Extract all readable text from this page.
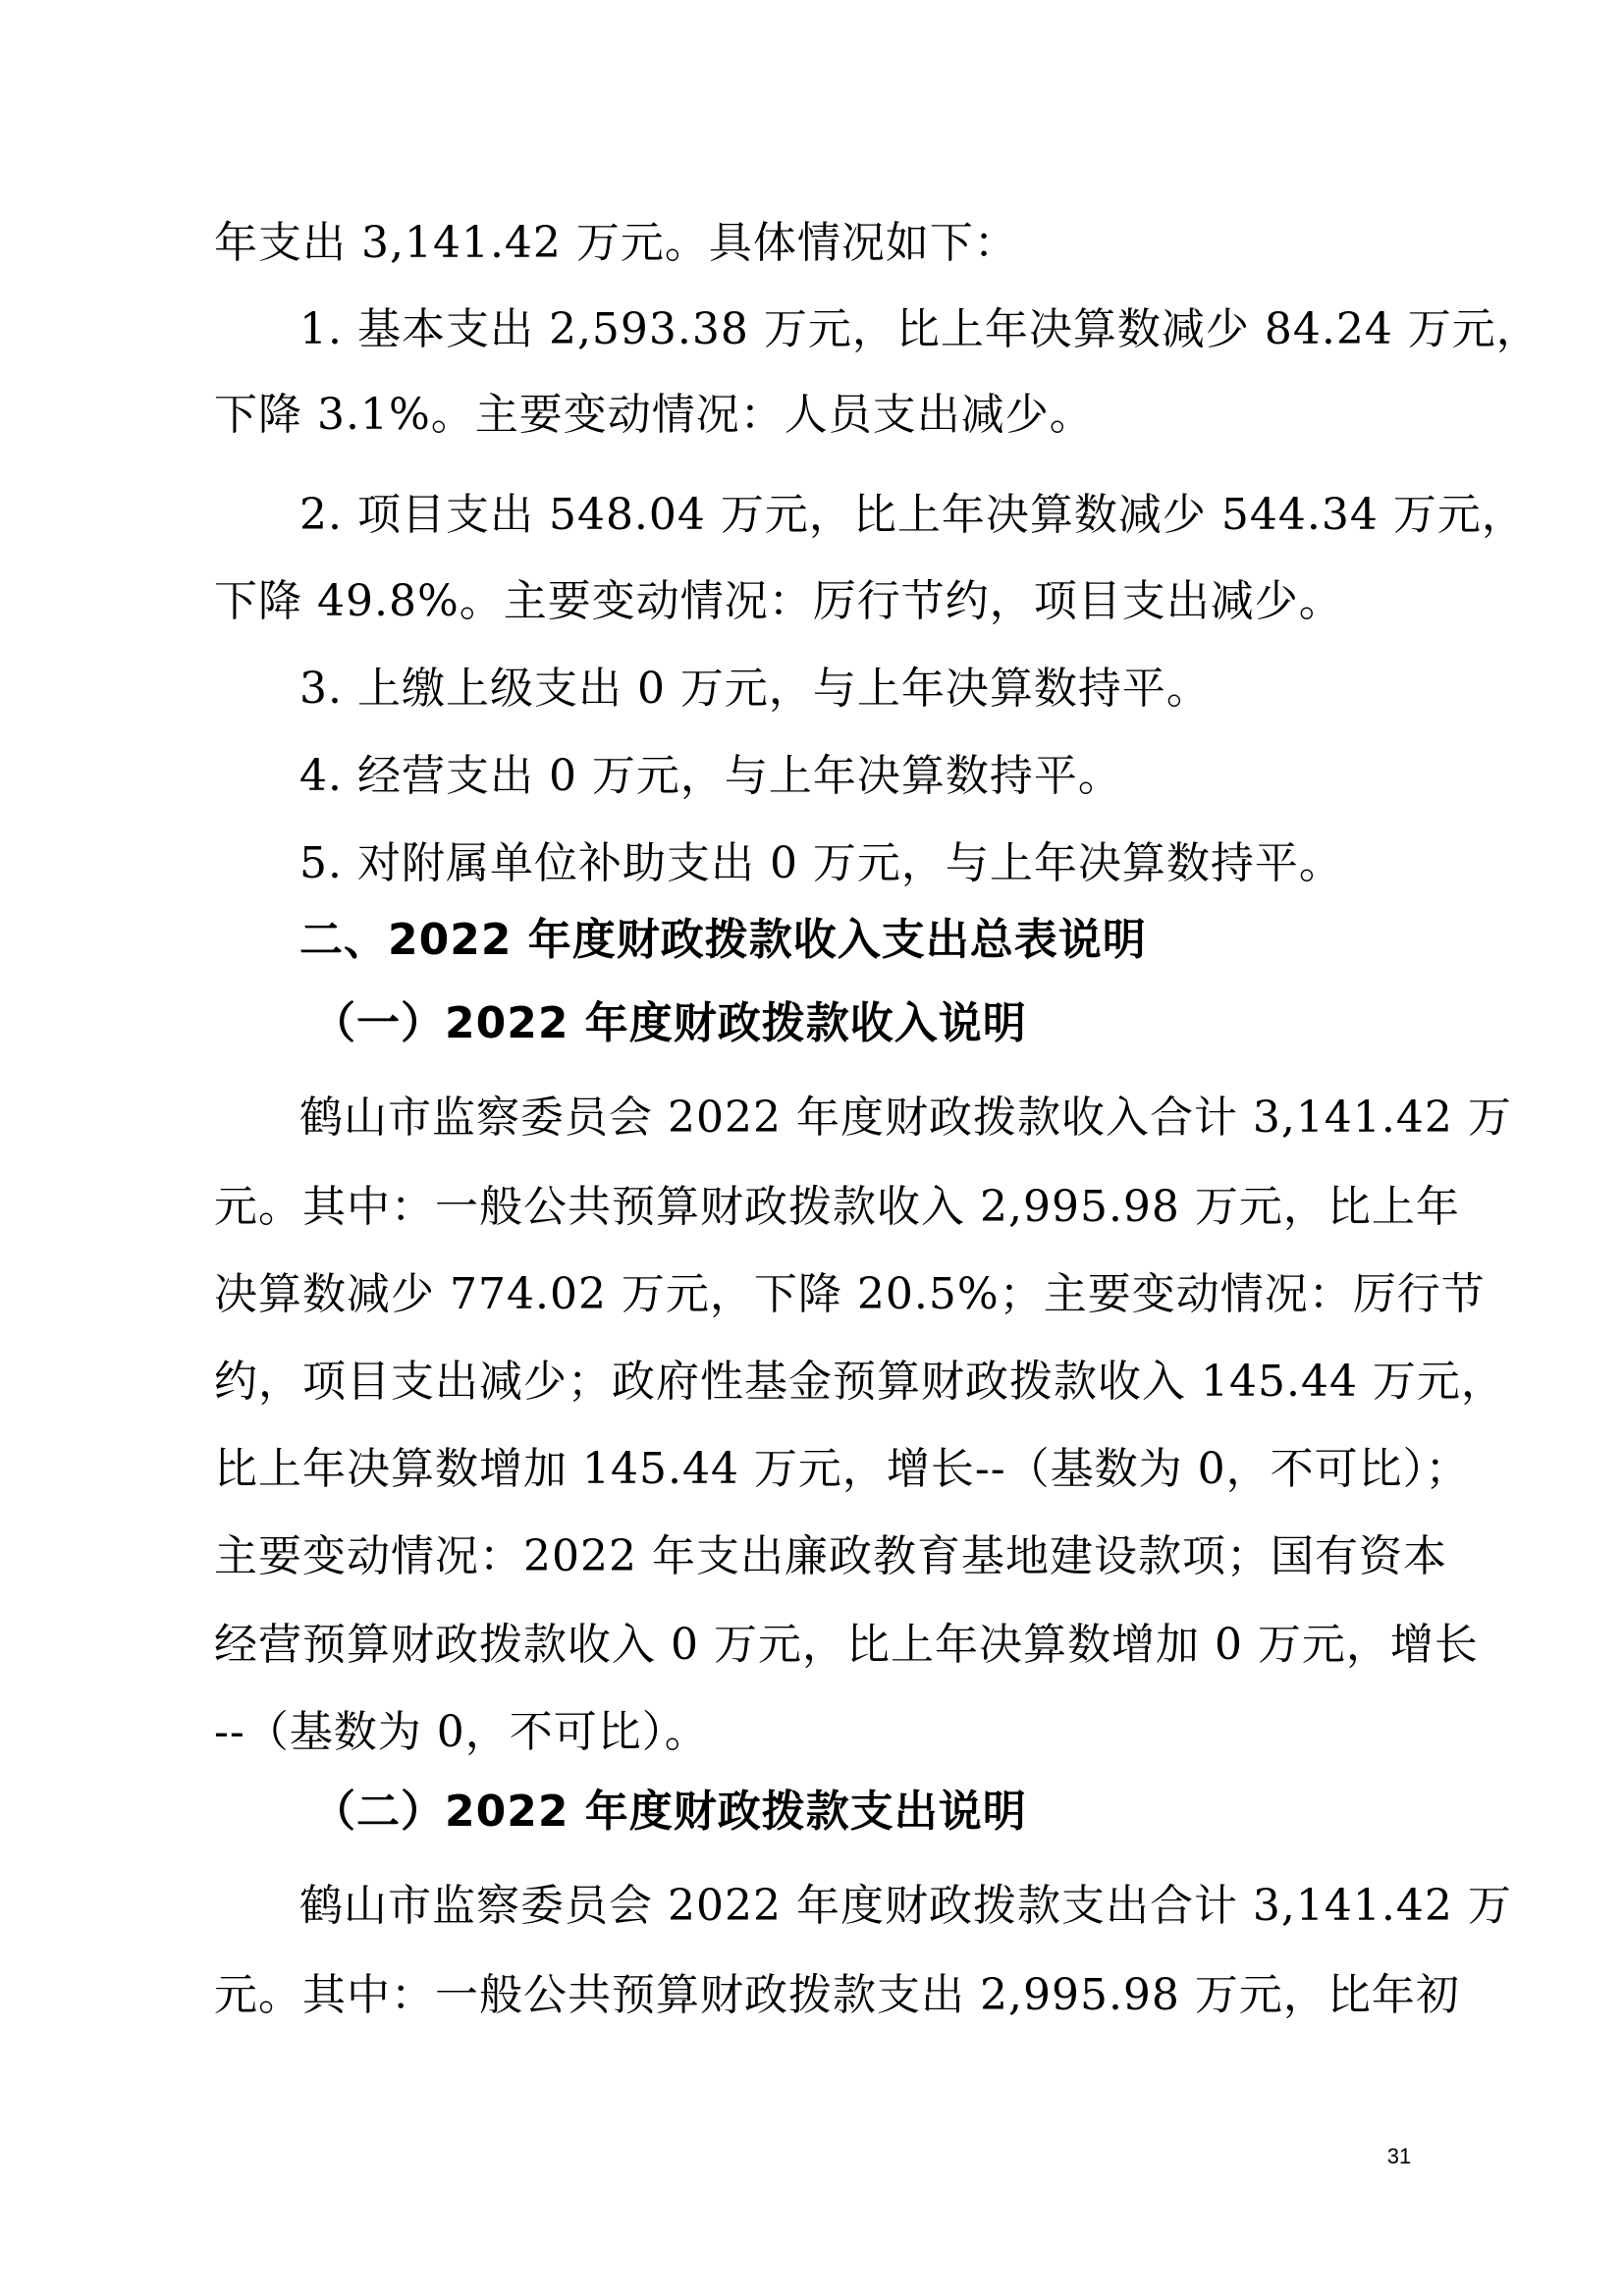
年支出 3,141.42 万元。具体情况如下：
1. 基本支出 2,593.38 万元，比上年决算数减少 84.24 万元，
下降 3.1%。主要变动情况：人员支出减少。
2. 项目支出 548.04 万元，比上年决算数减少 544.34 万元，
下降 49.8%。主要变动情况：厉行节约，项目支出减少。
3. 上缴上级支出 0 万元，与上年决算数持平。
4. 经营支出 0 万元，与上年决算数持平。
5. 对附属单位补助支出 0 万元，与上年决算数持平。
二、2022 年度财政拨款收入支出总表说明
（一）2022 年度财政拨款收入说明
鹤山市监察委员会 2022 年度财政拨款收入合计 3,141.42 万
元。其中：一般公共预算财政拨款收入 2,995.98 万元，比上年
决算数减少 774.02 万元，下降 20.5%；主要变动情况：厉行节
约，项目支出减少；政府性基金预算财政拨款收入 145.44 万元，
比上年决算数增加 145.44 万元，增长--（基数为 0，不可比）；
主要变动情况：2022 年支出廉政教育基地建设款项；国有资本
经营预算财政拨款收入 0 万元，比上年决算数增加 0 万元，增长
--（基数为 0，不可比）。
（二）2022 年度财政拨款支出说明
鹤山市监察委员会 2022 年度财政拨款支出合计 3,141.42 万
元。其中：一般公共预算财政拨款支出 2,995.98 万元，比年初
31
